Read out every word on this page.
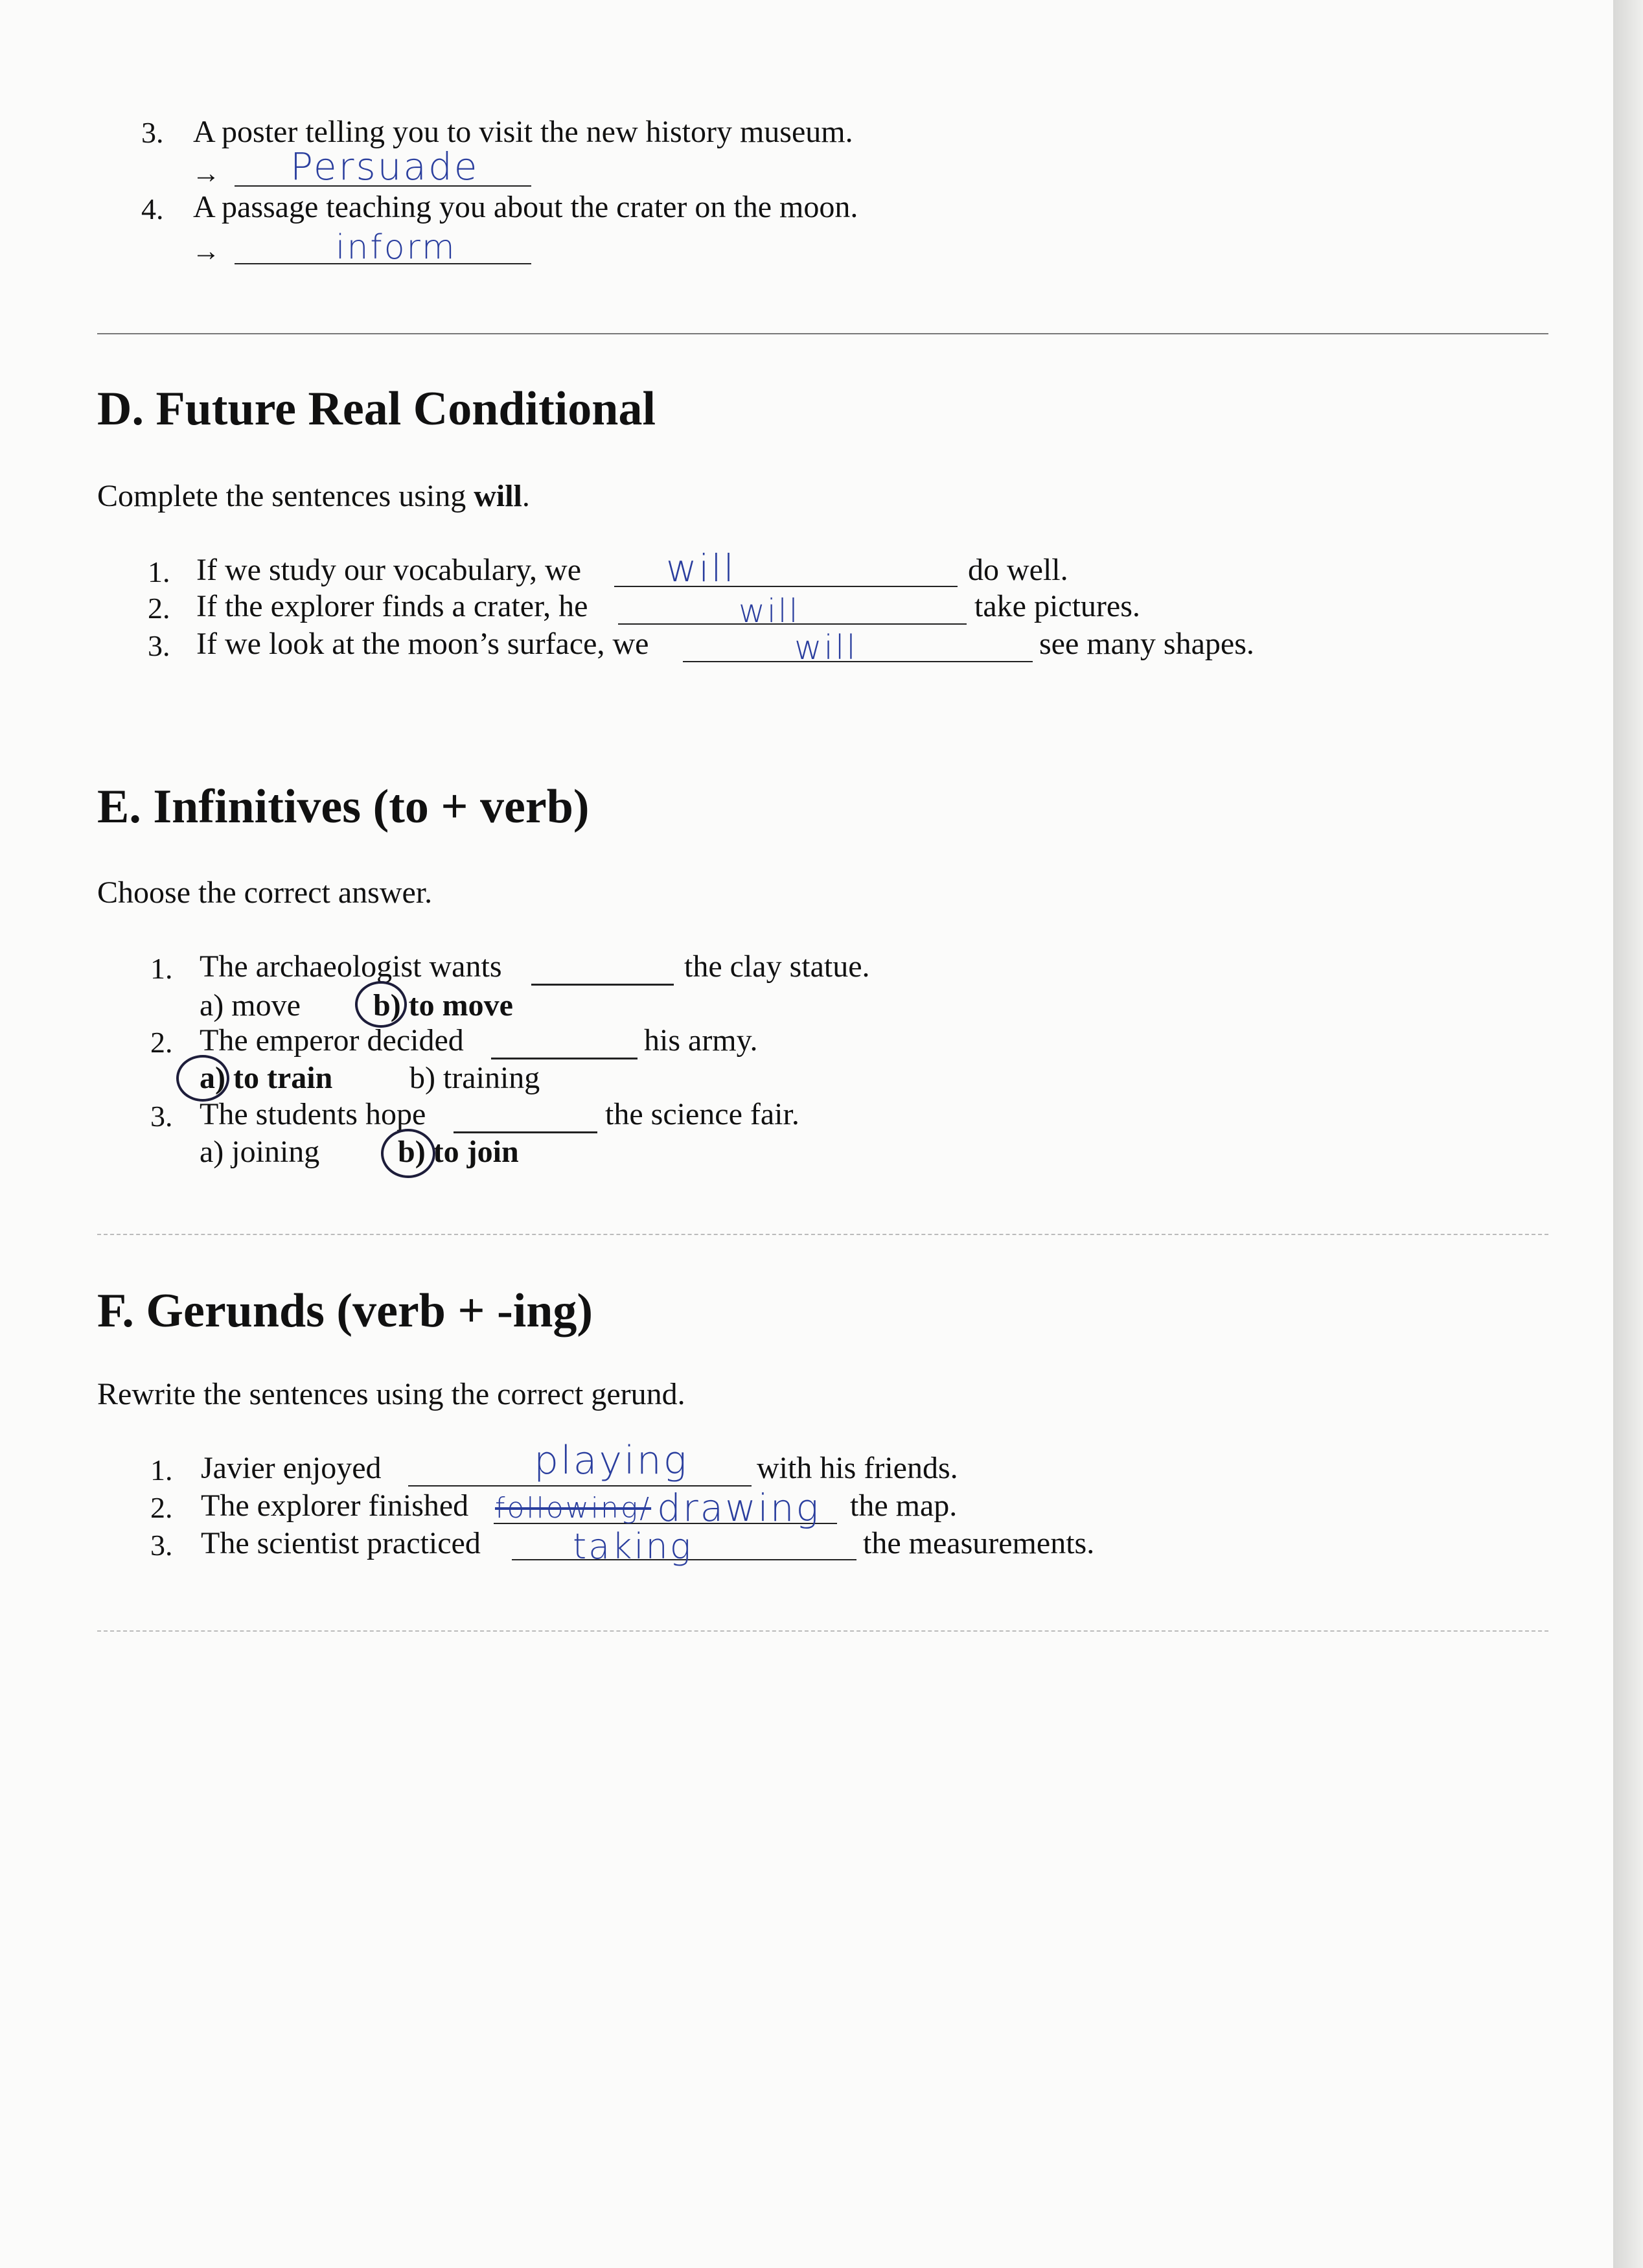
3. A poster telling you to visit the new history museum.
→ Persuade
4. A passage teaching you about the crater on the moon.
→	inform
D. Future Real Conditional
Complete the sentences using will.
1. If we study our vocabulary, we will	do well.
2. If the explorer finds a crater, he	will	take pictures.
3. If we look at the moon’s surface, we	will	see many shapes.
E. Infinitives (to + verb)
Choose the correct answer.
1. The archaeologist wants	the clay statue.
a) move b) to move
2. The emperor decided	his army.
a) to train b) training
3. The students hope	the science fair.
a) joining	b) to join
F. Gerunds (verb + -ing)
Rewrite the sentences using the correct gerund.
1. Javier enjoyed	playing with his friends.
2. The explorer finished following/ drawing the map.
3. The scientist practiced	taking	the measurements.
